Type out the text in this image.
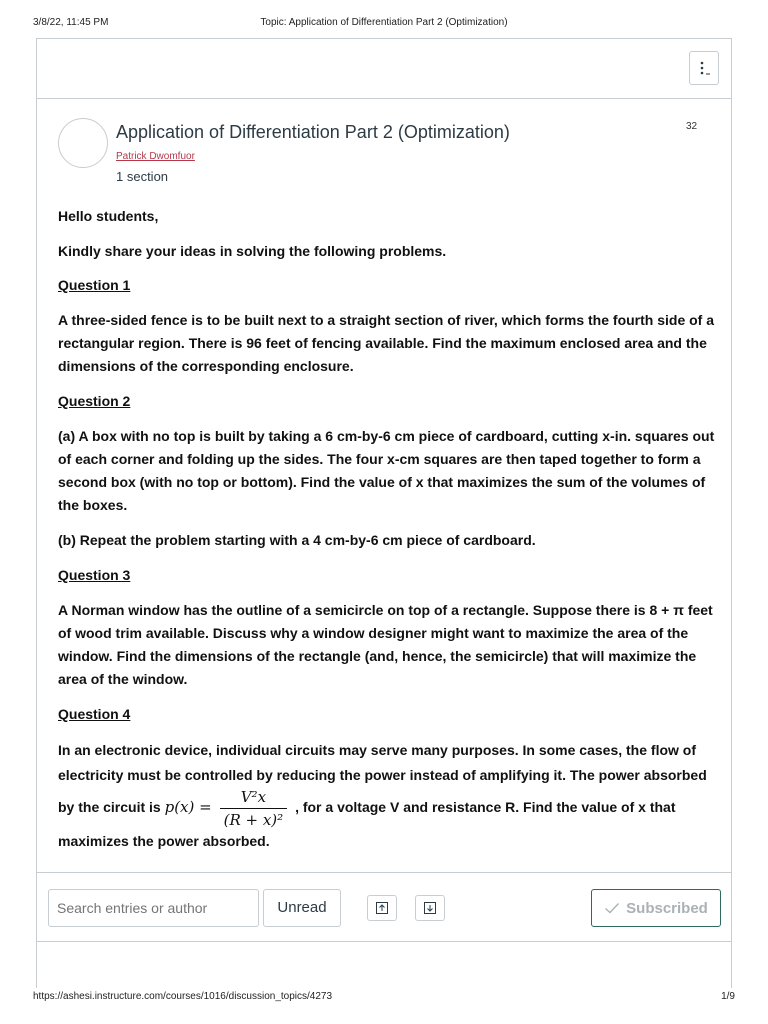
3/8/22, 11:45 PM	Topic: Application of Differentiation Part 2 (Optimization)
Application of Differentiation Part 2 (Optimization)
Patrick Dwomfuor
1 section
32

Hello students,

Kindly share your ideas in solving the following problems.

Question 1

A three-sided fence is to be built next to a straight section of river, which forms the fourth side of a rectangular region. There is 96 feet of fencing available. Find the maximum enclosed area and the dimensions of the corresponding enclosure.

Question 2

(a) A box with no top is built by taking a 6 cm-by-6 cm piece of cardboard, cutting x-in. squares out of each corner and folding up the sides. The four x-cm squares are then taped together to form a second box (with no top or bottom). Find the value of x that maximizes the sum of the volumes of the boxes.

(b) Repeat the problem starting with a 4 cm-by-6 cm piece of cardboard.

Question 3

A Norman window has the outline of a semicircle on top of a rectangle. Suppose there is 8 + π feet of wood trim available. Discuss why a window designer might want to maximize the area of the window. Find the dimensions of the rectangle (and, hence, the semicircle) that will maximize the area of the window.

Question 4

In an electronic device, individual circuits may serve many purposes. In some cases, the flow of electricity must be controlled by reducing the power instead of amplifying it. The power absorbed by the circuit is $p(x) = \frac{\text{V²x}}{\text{(R + x)²}}$ , for a voltage V and resistance R. Find the value of x that maximizes the power absorbed.

Search entries or author
Unread	Subscribed
https://ashesi.instructure.com/courses/1016/discussion_topics/4273	1/9
